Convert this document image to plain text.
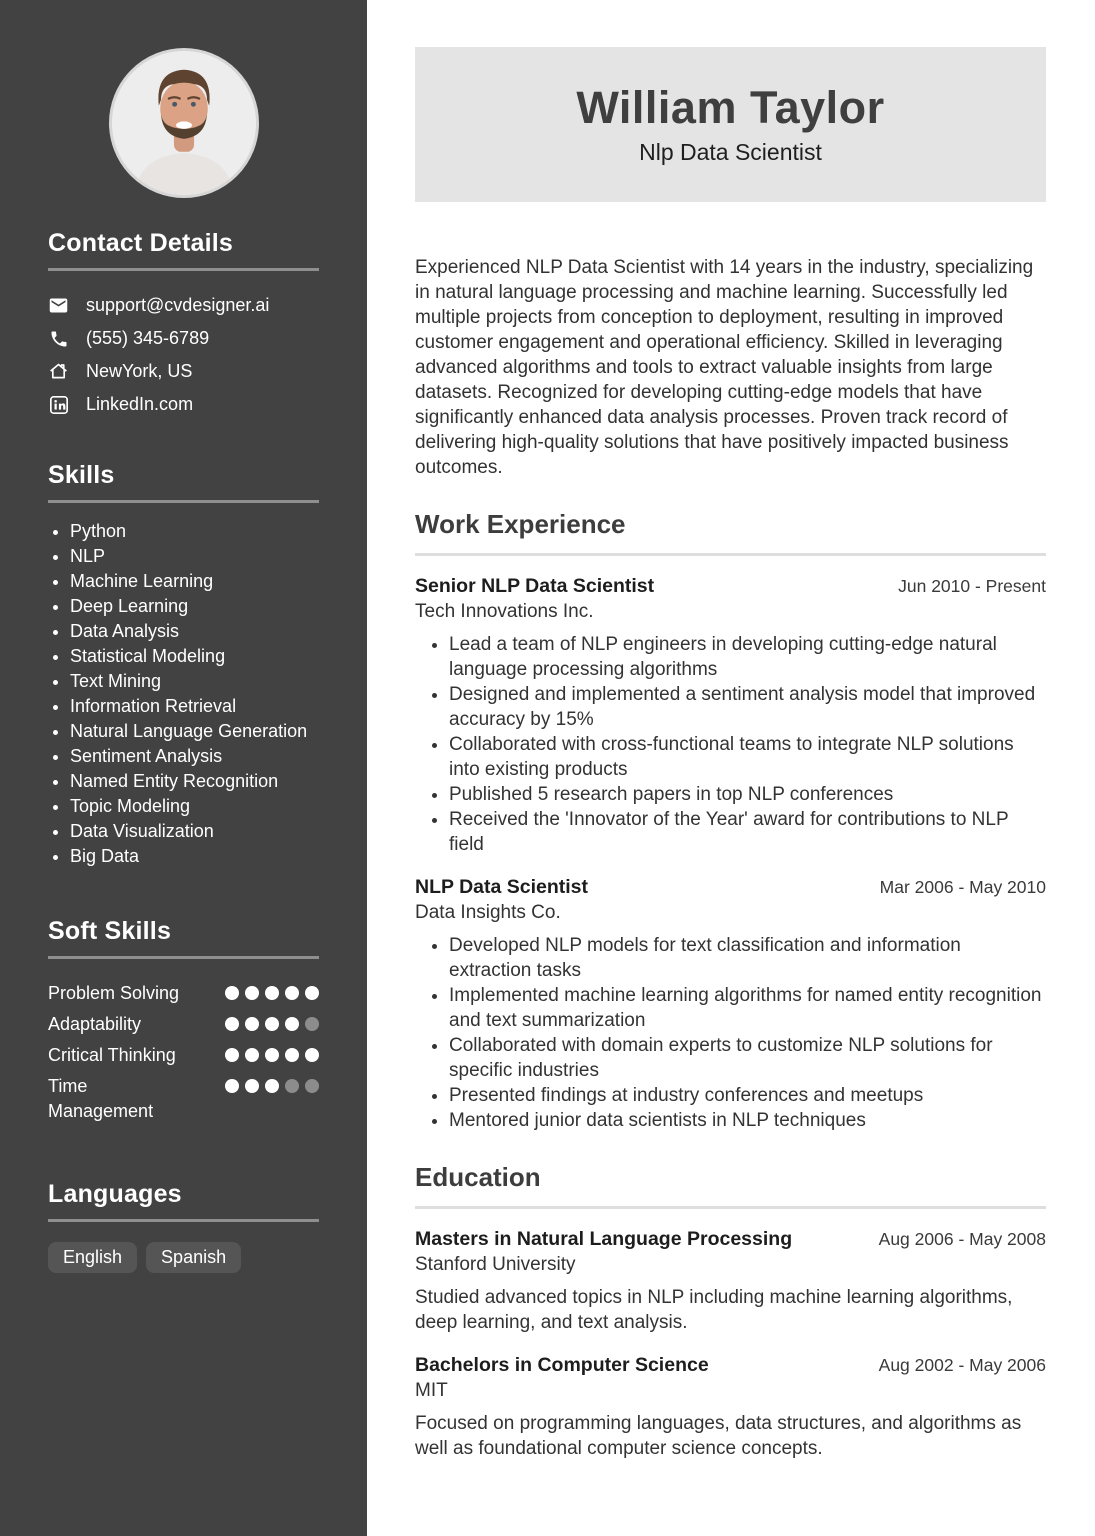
Contact Details
support@cvdesigner.ai
(555) 345-6789
NewYork, US
LinkedIn.com
Skills
• Python
• NLP
• Machine Learning
• Deep Learning
• Data Analysis
• Statistical Modeling
• Text Mining
• Information Retrieval
• Natural Language Generation
• Sentiment Analysis
• Named Entity Recognition
• Topic Modeling
• Data Visualization
• Big Data
Soft Skills
Problem Solving
Adaptability
Critical Thinking
Time Management
Languages
English	Spanish
William Taylor
Nlp Data Scientist

Experienced NLP Data Scientist with 14 years in the industry, specializing in natural language processing and machine learning. Successfully led multiple projects from conception to deployment, resulting in improved customer engagement and operational efficiency. Skilled in leveraging advanced algorithms and tools to extract valuable insights from large datasets. Recognized for developing cutting-edge models that have significantly enhanced data analysis processes. Proven track record of delivering high-quality solutions that have positively impacted business outcomes.

Work Experience
Senior NLP Data Scientist	Jun 2010 - Present
Tech Innovations Inc.
• Lead a team of NLP engineers in developing cutting-edge natural language processing algorithms
• Designed and implemented a sentiment analysis model that improved accuracy by 15%
• Collaborated with cross-functional teams to integrate NLP solutions into existing products
• Published 5 research papers in top NLP conferences
• Received the 'Innovator of the Year' award for contributions to NLP field
NLP Data Scientist	Mar 2006 - May 2010
Data Insights Co.
• Developed NLP models for text classification and information extraction tasks
• Implemented machine learning algorithms for named entity recognition and text summarization
• Collaborated with domain experts to customize NLP solutions for specific industries
• Presented findings at industry conferences and meetups
• Mentored junior data scientists in NLP techniques
Education
Masters in Natural Language Processing	Aug 2006 - May 2008
Stanford University

Studied advanced topics in NLP including machine learning algorithms, deep learning, and text analysis.

Bachelors in Computer Science	Aug 2002 - May 2006
MIT

Focused on programming languages, data structures, and algorithms as well as foundational computer science concepts.
